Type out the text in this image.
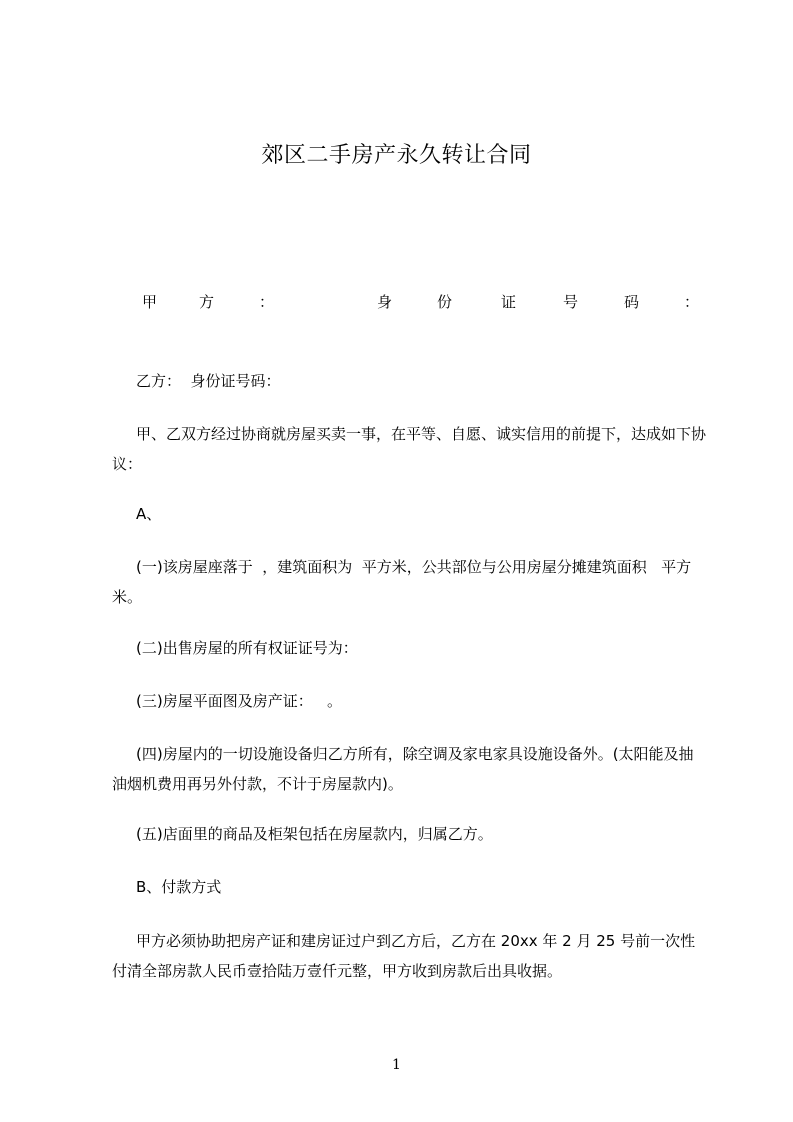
郊区二手房产永久转让合同
甲	方	：	身	份	证	号	码	：

乙方：  身份证号码：

甲、乙双方经过协商就房屋买卖一事，在平等、自愿、诚实信用的前提下，达成如下协议：

A、

(一)该房屋座落于  ，建筑面积为  平方米，公共部位与公用房屋分摊建筑面积   平方米。

(二)出售房屋的所有权证证号为：

(三)房屋平面图及房产证：   。

(四)房屋内的一切设施设备归乙方所有，除空调及家电家具设施设备外。(太阳能及抽油烟机费用再另外付款，不计于房屋款内)。

(五)店面里的商品及柜架包括在房屋款内，归属乙方。

B、付款方式

甲方必须协助把房产证和建房证过户到乙方后，乙方在 20xx 年 2 月 25 号前一次性付清全部房款人民币壹拾陆万壹仟元整，甲方收到房款后出具收据。

1
